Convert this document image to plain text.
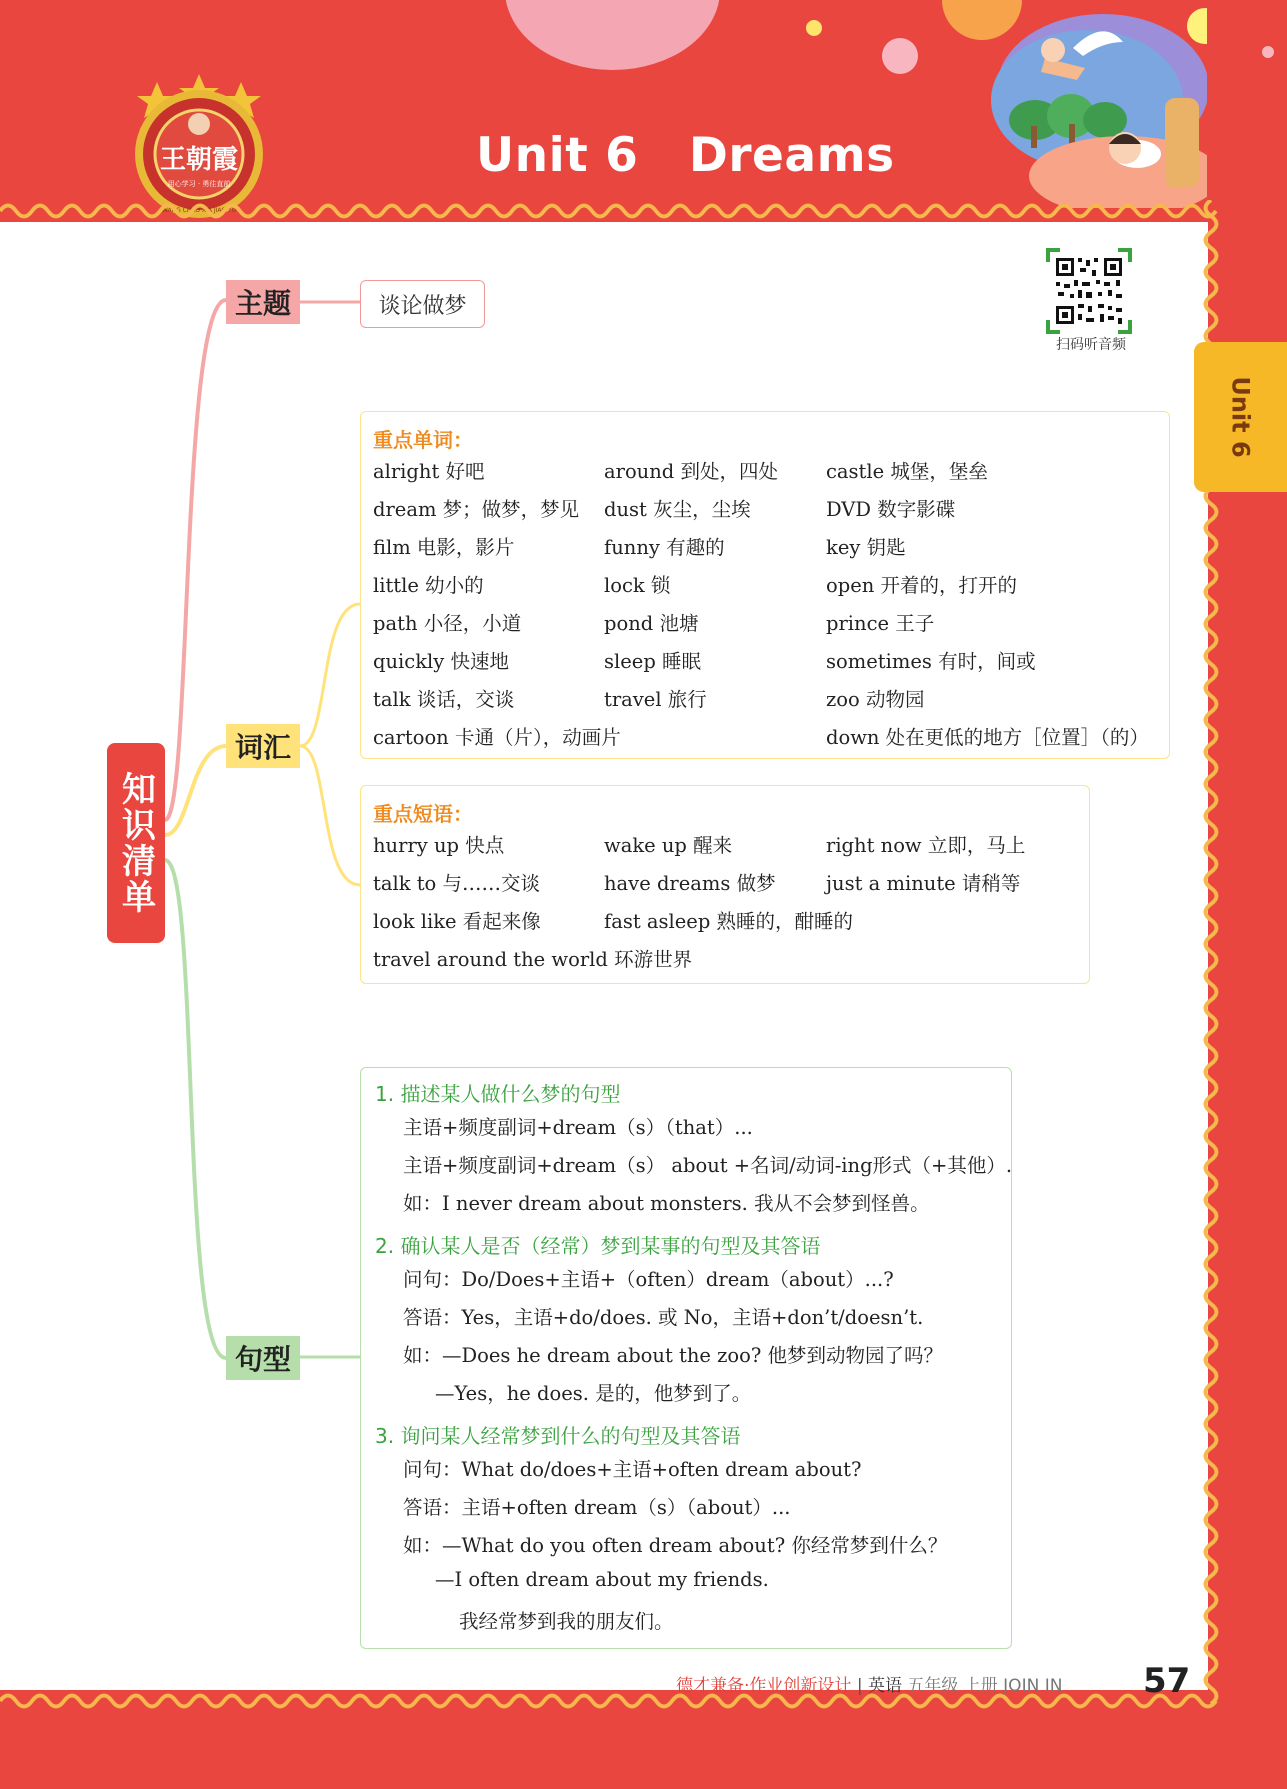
王朝霞
用心学习 · 勇往直前
WANG CHAO XIA JIAO YU
Unit 6   Dreams
Unit 6
扫码听音频
知识清单
主题
词汇
句型
谈论做梦
重点单词：
alright 好吧	around 到处，四处 castle 城堡，堡垒
dream 梦；做梦，梦见 dust 灰尘，尘埃	DVD 数字影碟
film 电影，影片	funny 有趣的	key 钥匙
little 幼小的	lock 锁	open 开着的，打开的
path 小径，小道	pond 池塘	prince 王子
quickly 快速地	sleep 睡眠	sometimes 有时，间或
talk 谈话，交谈	travel 旅行	zoo 动物园
cartoon 卡通（片），动画片	down 处在更低的地方［位置］（的）
重点短语：
hurry up 快点	wake up 醒来	right now 立即，马上
talk to 与……交谈	have dreams 做梦	just a minute 请稍等
look like 看起来像	fast asleep 熟睡的，酣睡的
travel around the world 环游世界
1. 描述某人做什么梦的句型
主语+频度副词+dream（s）（that）...
主语+频度副词+dream（s） about +名词/动词-ing形式（+其他）.
如：I never dream about monsters. 我从不会梦到怪兽。
2. 确认某人是否（经常）梦到某事的句型及其答语
问句：Do/Does+主语+（often）dream（about）...?
答语：Yes，主语+do/does. 或 No，主语+don’t/doesn’t.
如：—Does he dream about the zoo? 他梦到动物园了吗？
—Yes，he does. 是的，他梦到了。
3. 询问某人经常梦到什么的句型及其答语
问句：What do/does+主语+often dream about?
答语：主语+often dream（s）（about）...
如：—What do you often dream about? 你经常梦到什么？
—I often dream about my friends.
我经常梦到我的朋友们。
德才兼备·作业创新设计 | 英语 五年级 上册 JOIN IN 57
